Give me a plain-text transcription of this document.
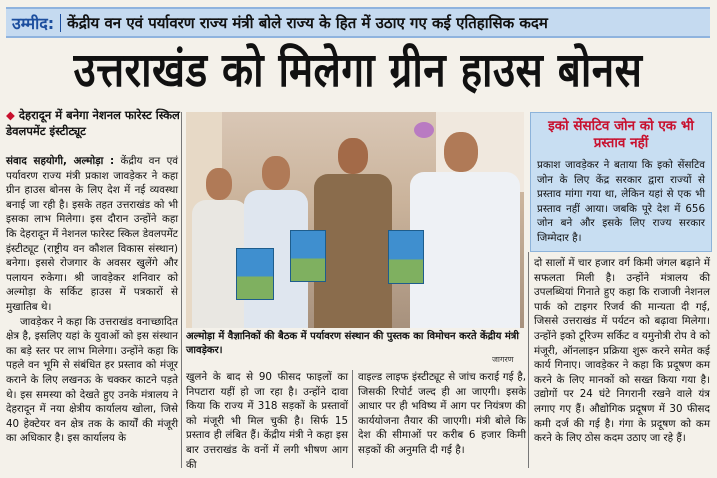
उम्मीद: केंद्रीय वन एवं पर्यावरण राज्य मंत्री बोले राज्य के हित में उठाए गए कई एतिहासिक कदम
उत्तराखंड को मिलेगा ग्रीन हाउस बोनस
◆ देहरादून में बनेगा नेशनल फारेस्ट स्किल डेवलपमेंट इंस्टीट्यूट

संवाद सहयोगी, अल्मोड़ा : केंद्रीय वन एवं पर्यावरण राज्य मंत्री प्रकाश जावड़ेकर ने कहा ग्रीन हाउस बोनस के लिए देश में नई व्यवस्था बनाई जा रही है। इसके तहत उत्तराखंड को भी इसका लाभ मिलेगा। इस दौरान उन्होंने कहा कि देहरादून में नेशनल फारेस्ट स्किल डेवलपमेंट इंस्टीट्यूट (राष्ट्रीय वन कौशल विकास संस्थान) बनेगा। इससे रोजगार के अवसर खुलेंगे और पलायन रुकेगा। श्री जावड़ेकर शनिवार को अल्मोड़ा के सर्किट हाउस में पत्रकारों से मुखातिब थे।

जावड़ेकर ने कहा कि उत्तराखंड वनाच्छादित क्षेत्र है, इसलिए यहां के युवाओं को इस संस्थान का बड़े स्तर पर लाभ मिलेगा। उन्होंने कहा कि पहले वन भूमि से संबंधित हर प्रस्ताव को मंजूर कराने के लिए लखनऊ के चक्कर काटने पड़ते थे। इस समस्या को देखते हुए उनके मंत्रालय ने देहरादून में नया क्षेत्रीय कार्यालय खोला, जिसे 40 हेक्टेयर वन क्षेत्र तक के कार्यों की मंजूरी का अधिकार है। इस कार्यालय के

अल्मोड़ा में वैज्ञानिकों की बैठक में पर्यावरण संस्थान की पुस्तक का विमोचन करते केंद्रीय मंत्री जावड़ेकर।
जागरण
खुलने के बाद से 90 फीसद फाइलों का निपटारा यहीं हो जा रहा है। उन्होंने दावा किया कि राज्य में 318 सड़कों के प्रस्तावों को मंजूरी भी मिल चुकी है। सिर्फ 15 प्रस्ताव ही लंबित हैं। केंद्रीय मंत्री ने कहा इस बार उत्तराखंड के वनों में लगी भीषण आग की
वाइल्ड लाइफ इंस्टीट्यूट से जांच कराई गई है, जिसकी रिपोर्ट जल्द ही आ जाएगी। इसके आधार पर ही भविष्य में आग पर नियंत्रण की कार्ययोजना तैयार की जाएगी। मंत्री बोले कि देश की सीमाओं पर करीब 6 हजार किमी सड़कों की अनुमति दी गई है।
इको सेंसटिव जोन को एक भी प्रस्ताव नहीं
प्रकाश जावड़ेकर ने बताया कि इको सेंसटिव जोन के लिए केंद्र सरकार द्वारा राज्यों से प्रस्ताव मांगा गया था, लेकिन यहां से एक भी प्रस्ताव नहीं आया। जबकि पूरे देश में 656 जोन बने और इसके लिए राज्य सरकार जिम्मेदार है।
दो सालों में चार हजार वर्ग किमी जंगल बढ़ाने में सफलता मिली है। उन्होंने मंत्रालय की उपलब्धियां गिनाते हुए कहा कि राजाजी नेशनल पार्क को टाइगर रिजर्व की मान्यता दी गई, जिससे उत्तराखंड में पर्यटन को बढ़ावा मिलेगा। उन्होंने इको टूरिज्म सर्किट व यमुनोत्री रोप वे को मंजूरी, ऑनलाइन प्रक्रिया शुरू करने समेत कई कार्य गिनाए। जावड़ेकर ने कहा कि प्रदूषण कम करने के लिए मानकों को सख्त किया गया है। उद्योगों पर 24 घंटे निगरानी रखने वाले यंत्र लगाए गए हैं। औद्योगिक प्रदूषण में 30 फीसद कमी दर्ज की गई है। गंगा के प्रदूषण को कम करने के लिए ठोस कदम उठाए जा रहे हैं।
